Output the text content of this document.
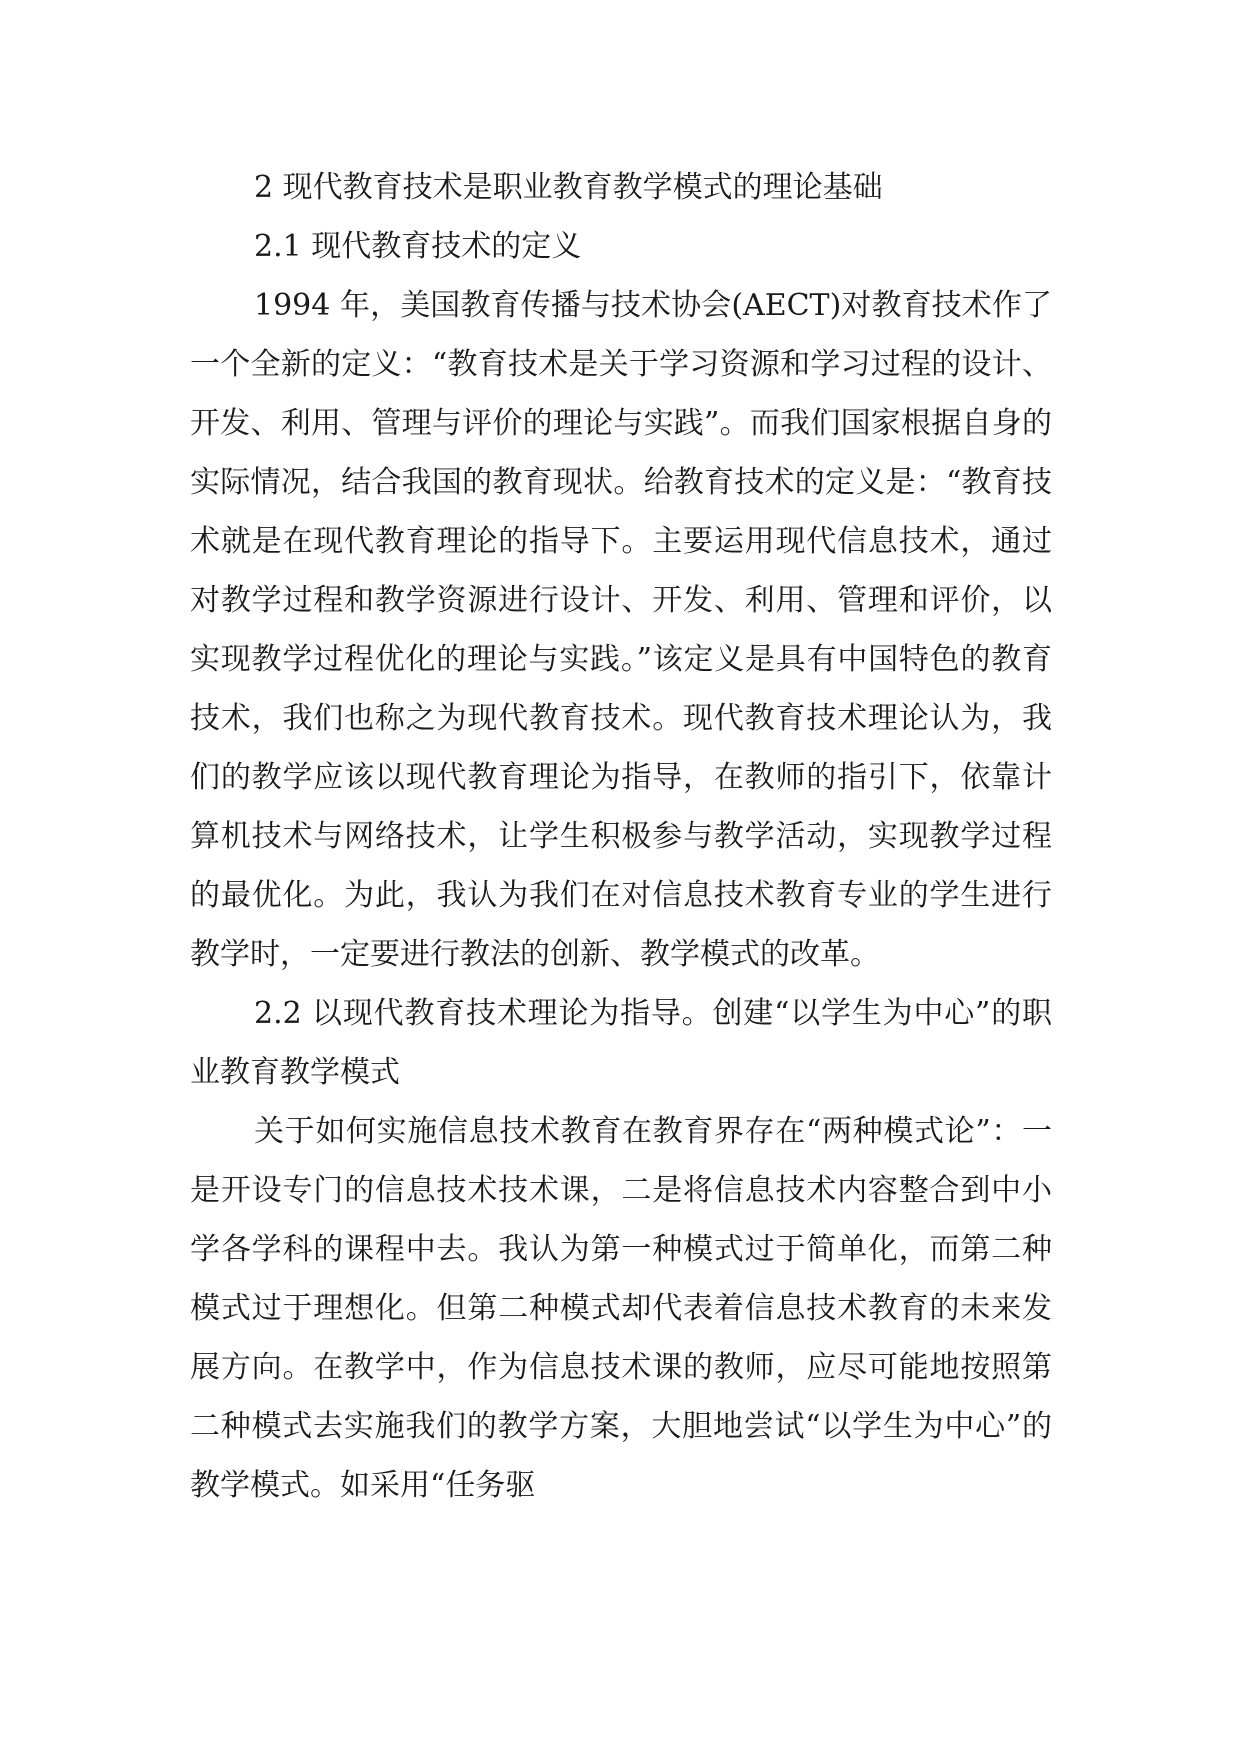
2 现代教育技术是职业教育教学模式的理论基础

2.1 现代教育技术的定义

1994 年，美国教育传播与技术协会(AECT)对教育技术作了一个全新的定义：“教育技术是关于学习资源和学习过程的设计、开发、利用、管理与评价的理论与实践”。而我们国家根据自身的实际情况，结合我国的教育现状。给教育技术的定义是：“教育技术就是在现代教育理论的指导下。主要运用现代信息技术，通过对教学过程和教学资源进行设计、开发、利用、管理和评价，以实现教学过程优化的理论与实践。”该定义是具有中国特色的教育技术，我们也称之为现代教育技术。现代教育技术理论认为，我们的教学应该以现代教育理论为指导，在教师的指引下，依靠计算机技术与网络技术，让学生积极参与教学活动，实现教学过程的最优化。为此，我认为我们在对信息技术教育专业的学生进行教学时，一定要进行教法的创新、教学模式的改革。

2.2 以现代教育技术理论为指导。创建“以学生为中心”的职业教育教学模式

关于如何实施信息技术教育在教育界存在“两种模式论”：一是开设专门的信息技术技术课，二是将信息技术内容整合到中小学各学科的课程中去。我认为第一种模式过于简单化，而第二种模式过于理想化。但第二种模式却代表着信息技术教育的未来发展方向。在教学中，作为信息技术课的教师，应尽可能地按照第二种模式去实施我们的教学方案，大胆地尝试“以学生为中心”的教学模式。如采用“任务驱
